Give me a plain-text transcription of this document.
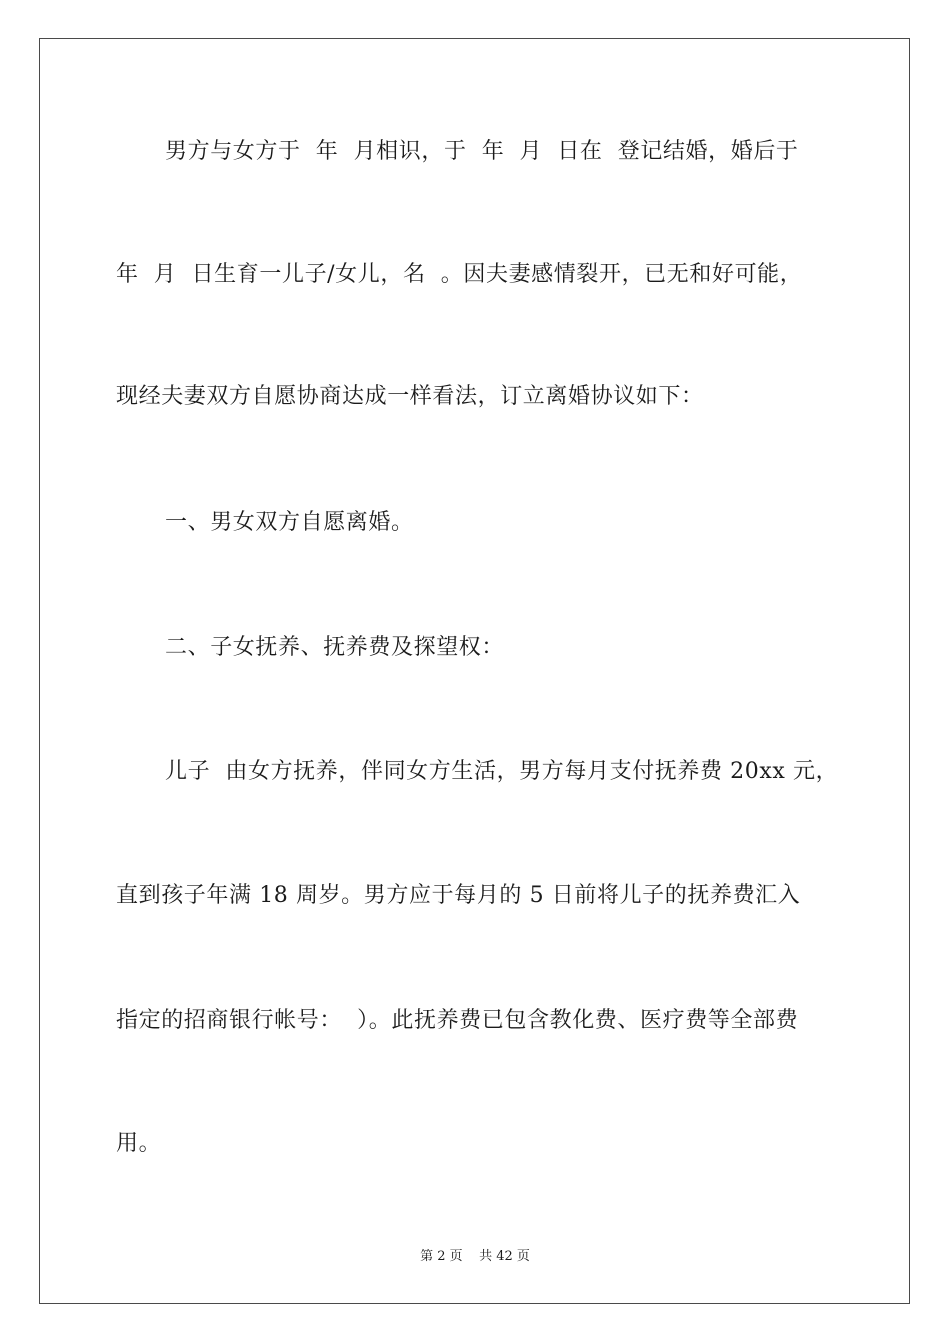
男方与女方于  年  月相识，于  年  月  日在  登记结婚，婚后于
年  月  日生育一儿子/女儿，名  。因夫妻感情裂开，已无和好可能，
现经夫妻双方自愿协商达成一样看法，订立离婚协议如下：
一、男女双方自愿离婚。
二、子女抚养、抚养费及探望权：
儿子  由女方抚养，伴同女方生活，男方每月支付抚养费 20xx 元，
直到孩子年满 18 周岁。男方应于每月的 5 日前将儿子的抚养费汇入
指定的招商银行帐号：  ）。此抚养费已包含教化费、医疗费等全部费
用。
第 2 页    共 42 页
